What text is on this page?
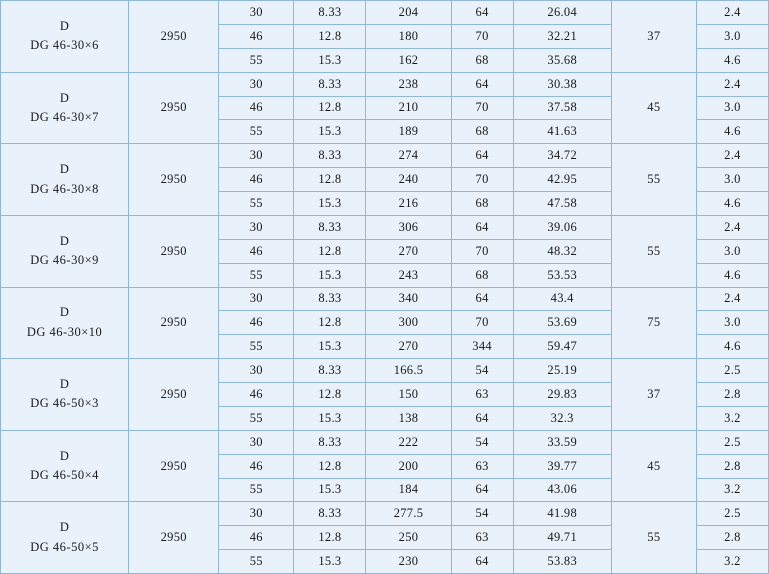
D
DG 46-30×6	2950	30	8.33	204	64	26.04	37	2.4
		46	12.8	180	70	32.21		3.0
		55	15.3	162	68	35.68		4.6

D
DG 46-30×7	2950	30	8.33	238	64	30.38	45	2.4
		46	12.8	210	70	37.58		3.0
		55	15.3	189	68	41.63		4.6

D
DG 46-30×8	2950	30	8.33	274	64	34.72	55	2.4
		46	12.8	240	70	42.95		3.0
		55	15.3	216	68	47.58		4.6

D
DG 46-30×9	2950	30	8.33	306	64	39.06	55	2.4
		46	12.8	270	70	48.32		3.0
		55	15.3	243	68	53.53		4.6

D
DG 46-30×10	2950	30	8.33	340	64	43.4	75	2.4
		46	12.8	300	70	53.69		3.0
		55	15.3	270	344	59.47		4.6

D
DG 46-50×3	2950	30	8.33	166.5	54	25.19	37	2.5
		46	12.8	150	63	29.83		2.8
		55	15.3	138	64	32.3		3.2

D
DG 46-50×4	2950	30	8.33	222	54	33.59	45	2.5
		46	12.8	200	63	39.77		2.8
		55	15.3	184	64	43.06		3.2

D
DG 46-50×5	2950	30	8.33	277.5	54	41.98	55	2.5
		46	12.8	250	63	49.71		2.8
		55	15.3	230	64	53.83		3.2
